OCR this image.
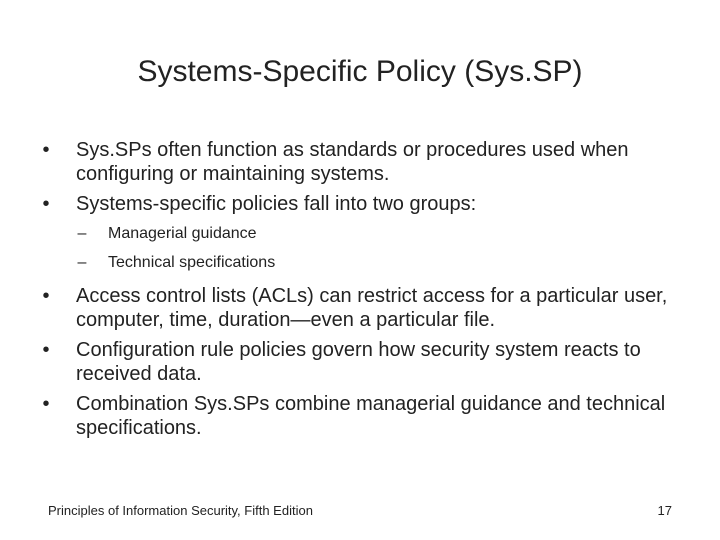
Systems-Specific Policy (Sys.SP)
•	Sys.SPs often function as standards or procedures used when configuring or maintaining systems.
•	Systems-specific policies fall into two groups:
–	Managerial guidance
–	Technical specifications
•	Access control lists (ACLs) can restrict access for a particular user, computer, time, duration—even a particular file.
•	Configuration rule policies govern how security system reacts to received data.
•	Combination Sys.SPs combine managerial guidance and technical specifications.
Principles of Information Security, Fifth Edition	17
